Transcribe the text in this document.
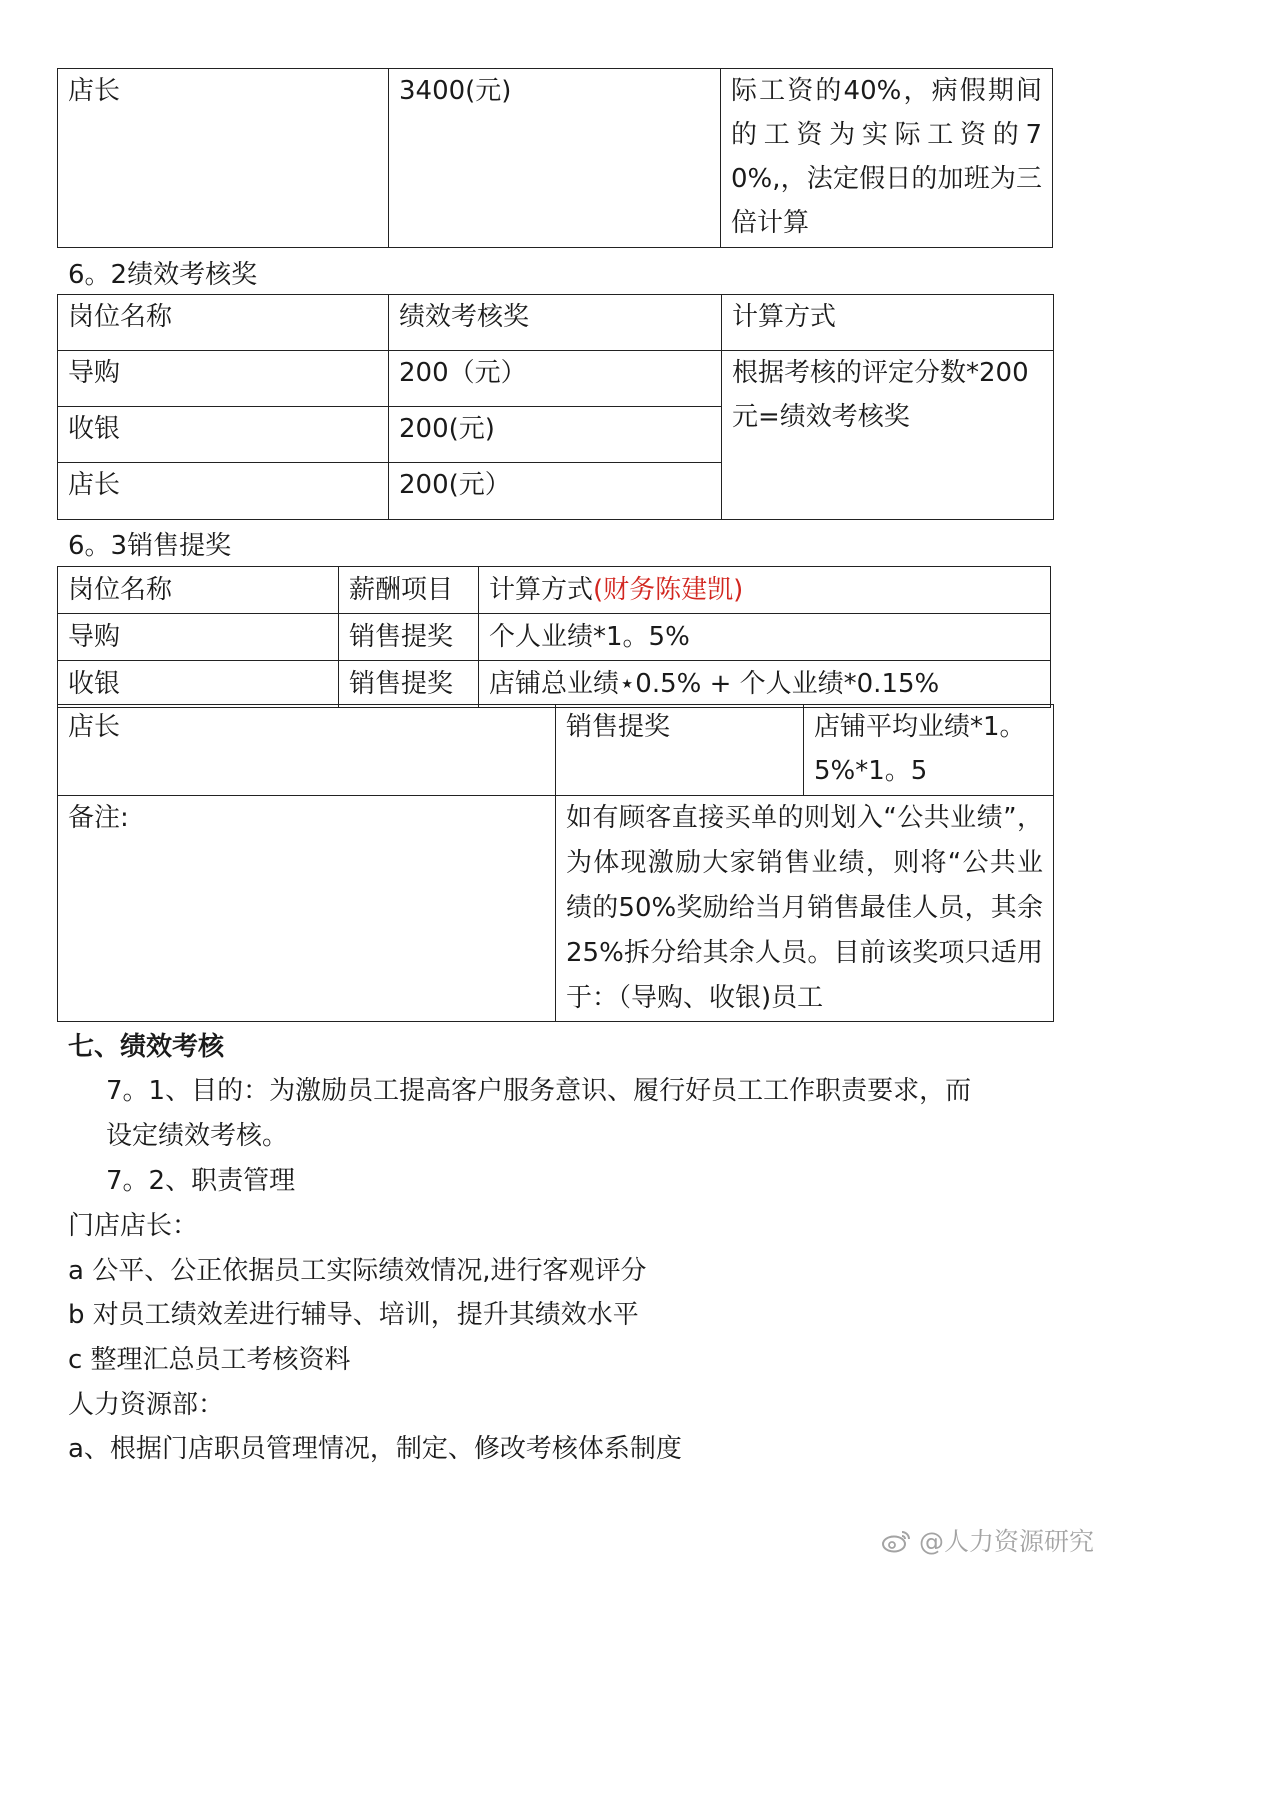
店长	3400(元)	际工资的40%，病假期间的工资为实际工资的70%,，法定假日的加班为三倍计算
6。2绩效考核奖
岗位名称	绩效考核奖	计算方式
导购	200（元）	根据考核的评定分数*200元=绩效考核奖
收银	200(元)	
店长	200(元）	
6。3销售提奖
岗位名称	薪酬项目	计算方式(财务陈建凯)
导购	销售提奖	个人业绩*1。5%
收银	销售提奖	店铺总业绩⋆0.5% + 个人业绩*0.15%
店长	销售提奖	店铺平均业绩*1。5%*1。5
备注:	如有顾客直接买单的则划入“公共业绩”，为体现激励大家销售业绩，则将“公共业绩的50%奖励给当月销售最佳人员，其余25%拆分给其余人员。目前该奖项只适用于：（导购、收银)员工	
七、绩效考核
7。1、目的：为激励员工提高客户服务意识、履行好员工工作职责要求，而
设定绩效考核。
7。2、职责管理
门店店长：
a 公平、公正依据员工实际绩效情况,进行客观评分
b 对员工绩效差进行辅导、培训，提升其绩效水平
c 整理汇总员工考核资料
人力资源部：
a、根据门店职员管理情况，制定、修改考核体系制度
@人力资源研究
